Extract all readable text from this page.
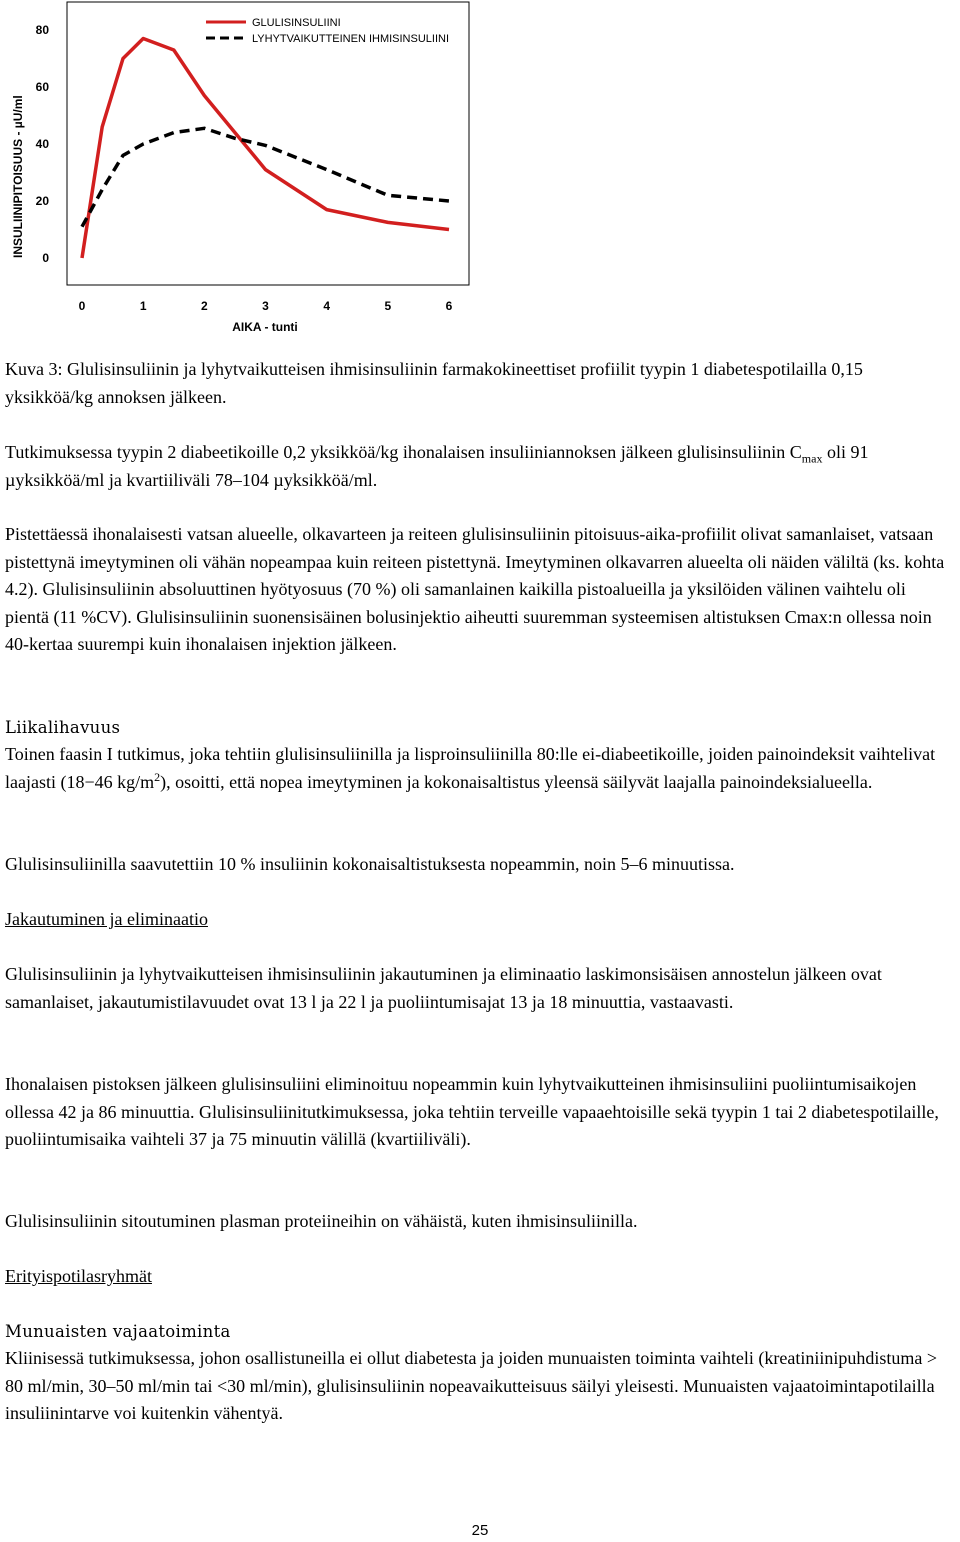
INSULIINIPITOISUUS - µU/ml
AIKA - tunti
0
20
40
60
80
0	1	2	3	4	5	6
GLULISINSULIINI
LYHYTVAIKUTTEINEN IHMISINSULIINI

Kuva 3: Glulisinsuliinin ja lyhytvaikutteisen ihmisinsuliinin farmakokineettiset profiilit tyypin 1 diabetespotilailla 0,15 yksikköä/kg annoksen jälkeen.

Tutkimuksessa tyypin 2 diabeetikoille 0,2 yksikköä/kg ihonalaisen insuliiniannoksen jälkeen glulisinsuliinin $C_{max}$ oli 91 µyksikköä/ml ja kvartiiliväli 78–104 µyksikköä/ml.

Pistettäessä ihonalaisesti vatsan alueelle, olkavarteen ja reiteen glulisinsuliinin pitoisuus-aika-profiilit olivat samanlaiset, vatsaan pistettynä imeytyminen oli vähän nopeampaa kuin reiteen pistettynä. Imeytyminen olkavarren alueelta oli näiden väliltä (ks. kohta 4.2). Glulisinsuliinin absoluuttinen hyötyosuus (70 %) oli samanlainen kaikilla pistoalueilla ja yksilöiden välinen vaihtelu oli pientä (11 %CV). Glulisinsuliinin suonensisäinen bolusinjektio aiheutti suuremman systeemisen altistuksen Cmax:n ollessa noin 40-kertaa suurempi kuin ihonalaisen injektion jälkeen.

Liikalihavuus

Toinen faasin I tutkimus, joka tehtiin glulisinsuliinilla ja lisproinsuliinilla 80:lle ei-diabeetikoille, joiden painoindeksit vaihtelivat laajasti (18−46 $kg/m^2$), osoitti, että nopea imeytyminen ja kokonaisaltistus yleensä säilyvät laajalla painoindeksialueella.

Glulisinsuliinilla saavutettiin 10 % insuliinin kokonaisaltistuksesta nopeammin, noin 5–6 minuutissa.

Jakautuminen ja eliminaatio

Glulisinsuliinin ja lyhytvaikutteisen ihmisinsuliinin jakautuminen ja eliminaatio laskimonsisäisen annostelun jälkeen ovat samanlaiset, jakautumistilavuudet ovat 13 l ja 22 l ja puoliintumisajat 13 ja 18 minuuttia, vastaavasti.

Ihonalaisen pistoksen jälkeen glulisinsuliini eliminoituu nopeammin kuin lyhytvaikutteinen ihmisinsuliini puoliintumisaikojen ollessa 42 ja 86 minuuttia. Glulisinsuliinitutkimuksessa, joka tehtiin terveille vapaaehtoisille sekä tyypin 1 tai 2 diabetespotilaille, puoliintumisaika vaihteli 37 ja 75 minuutin välillä (kvartiiliväli).

Glulisinsuliinin sitoutuminen plasman proteiineihin on vähäistä, kuten ihmisinsuliinilla.

Erityispotilasryhmät

Munuaisten vajaatoiminta

Kliinisessä tutkimuksessa, johon osallistuneilla ei ollut diabetesta ja joiden munuaisten toiminta vaihteli (kreatiniinipuhdistuma > 80 ml/min, 30–50 ml/min tai <30 ml/min), glulisinsuliinin nopeavaikutteisuus säilyi yleisesti. Munuaisten vajaatoimintapotilailla insuliinintarve voi kuitenkin vähentyä.

25
